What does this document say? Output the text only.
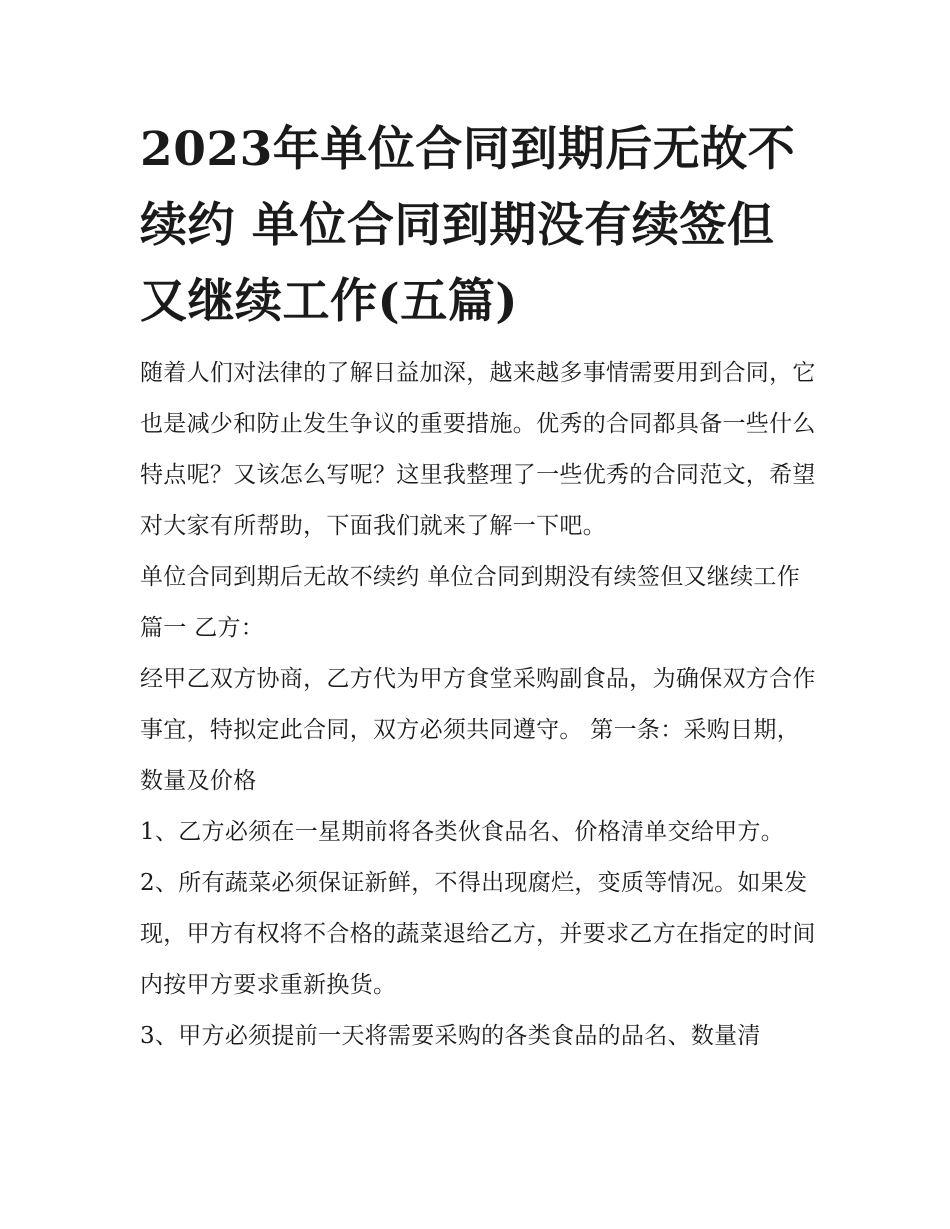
2023年单位合同到期后无故不续约 单位合同到期没有续签但又继续工作(五篇)

随着人们对法律的了解日益加深，越来越多事情需要用到合同，它也是减少和防止发生争议的重要措施。优秀的合同都具备一些什么特点呢？又该怎么写呢？这里我整理了一些优秀的合同范文，希望对大家有所帮助，下面我们就来了解一下吧。

单位合同到期后无故不续约 单位合同到期没有续签但又继续工作篇一 乙方：

经甲乙双方协商，乙方代为甲方食堂采购副食品，为确保双方合作事宜，特拟定此合同，双方必须共同遵守。 第一条：采购日期，数量及价格

1、乙方必须在一星期前将各类伙食品名、价格清单交给甲方。

2、所有蔬菜必须保证新鲜，不得出现腐烂，变质等情况。如果发现，甲方有权将不合格的蔬菜退给乙方，并要求乙方在指定的时间内按甲方要求重新换货。

3、甲方必须提前一天将需要采购的各类食品的品名、数量清
